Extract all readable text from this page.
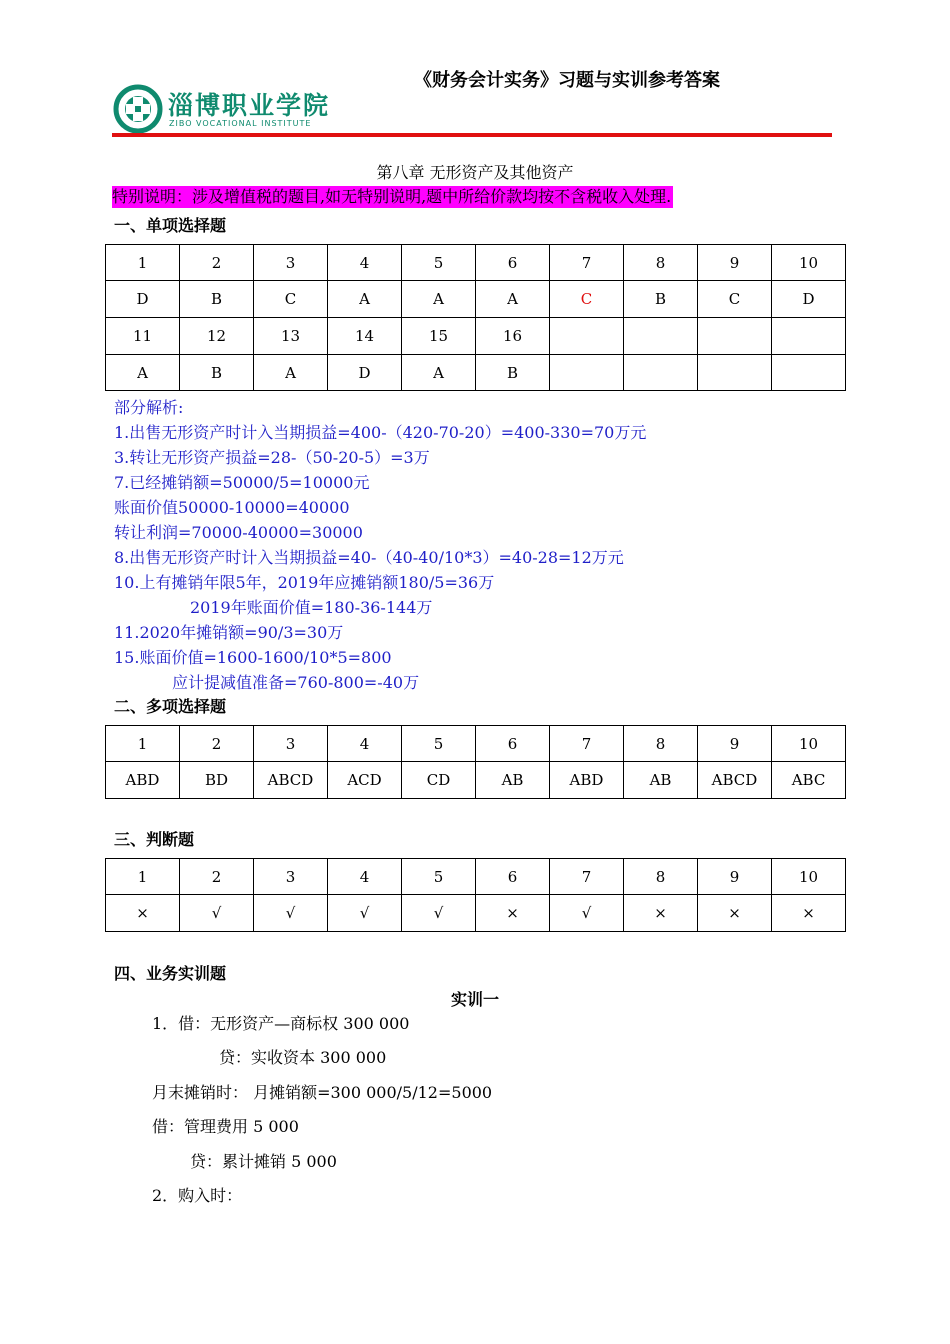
《财务会计实务》习题与实训参考答案
淄博职业学院
ZIBO VOCATIONAL INSTITUTE
第八章 无形资产及其他资产
特别说明：涉及增值税的题目,如无特别说明,题中所给价款均按不含税收入处理.
一、单项选择题
1	2	3	4	5	6	7	8	9	10
D	B	C	A	A	A	C	B	C	D
11	12	13	14	15	16				
A	B	A	D	A	B				
部分解析:
1.出售无形资产时计入当期损益=400-（420-70-20）=400-330=70万元
3.转让无形资产损益=28-（50-20-5）=3万
7.已经摊销额=50000/5=10000元
账面价值50000-10000=40000
转让利润=70000-40000=30000
8.出售无形资产时计入当期损益=40-（40-40/10*3）=40-28=12万元
10.上有摊销年限5年，2019年应摊销额180/5=36万
2019年账面价值=180-36-144万
11.2020年摊销额=90/3=30万
15.账面价值=1600-1600/10*5=800
应计提减值准备=760-800=-40万
二、多项选择题
1	2	3	4	5	6	7	8	9	10
ABD	BD	ABCD	ACD	CD	AB	ABD	AB	ABCD	ABC
三、判断题
1	2	3	4	5	6	7	8	9	10
×	√	√	√	√	×	√	×	×	×
四、业务实训题
实训一
1．借：无形资产—商标权 300 000
贷：实收资本 300 000
月末摊销时： 月摊销额=300 000/5/12=5000
借：管理费用 5 000
贷：累计摊销 5 000
2．购入时：
